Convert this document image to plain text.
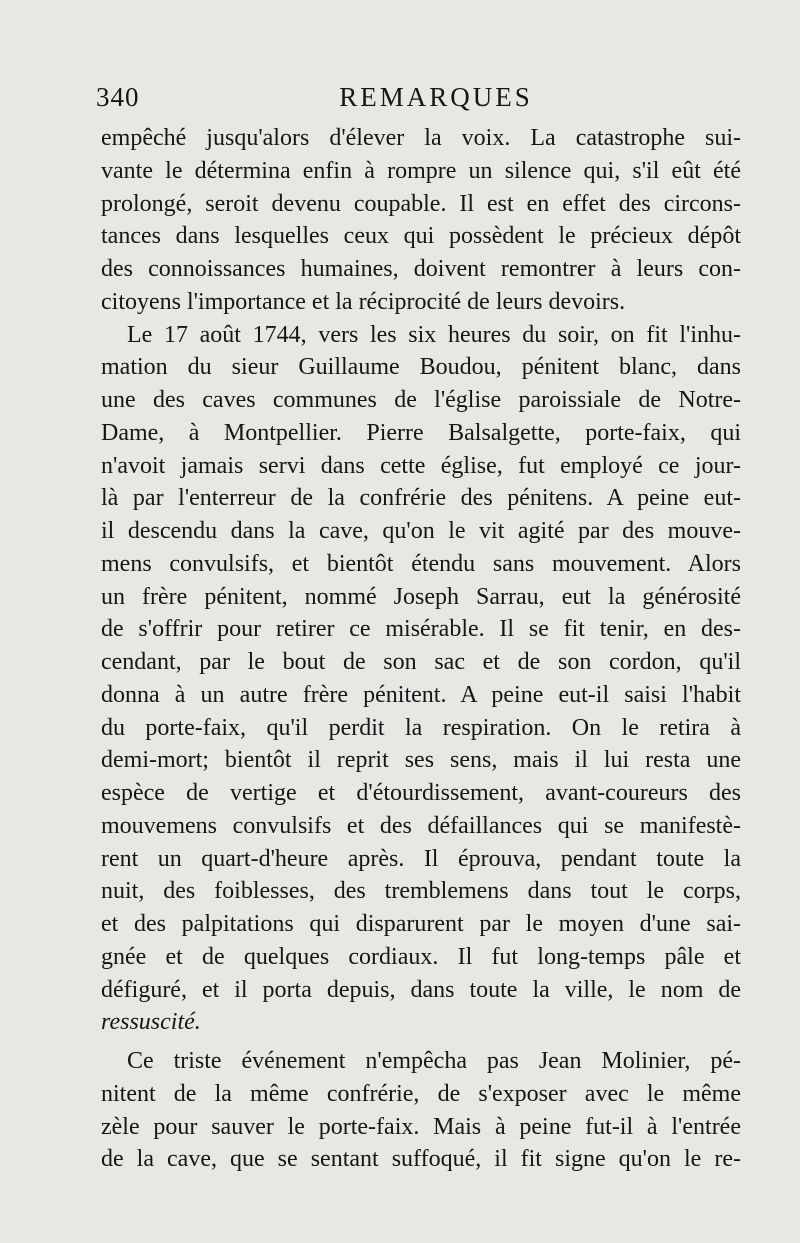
340	REMARQUES
empêché jusqu'alors d'élever la voix. La catastrophe sui-
vante le détermina enfin à rompre un silence qui, s'il eût été
prolongé, seroit devenu coupable. Il est en effet des circons-
tances dans lesquelles ceux qui possèdent le précieux dépôt
des connoissances humaines, doivent remontrer à leurs con-
citoyens l'importance et la réciprocité de leurs devoirs.
Le 17 août 1744, vers les six heures du soir, on fit l'inhu-
mation du sieur Guillaume Boudou, pénitent blanc, dans
une des caves communes de l'église paroissiale de Notre-
Dame, à Montpellier. Pierre Balsalgette, porte-faix, qui
n'avoit jamais servi dans cette église, fut employé ce jour-
là par l'enterreur de la confrérie des pénitens. A peine eut-
il descendu dans la cave, qu'on le vit agité par des mouve-
mens convulsifs, et bientôt étendu sans mouvement. Alors
un frère pénitent, nommé Joseph Sarrau, eut la générosité
de s'offrir pour retirer ce misérable. Il se fit tenir, en des-
cendant, par le bout de son sac et de son cordon, qu'il
donna à un autre frère pénitent. A peine eut-il saisi l'habit
du porte-faix, qu'il perdit la respiration. On le retira à
demi-mort; bientôt il reprit ses sens, mais il lui resta une
espèce de vertige et d'étourdissement, avant-coureurs des
mouvemens convulsifs et des défaillances qui se manifestè-
rent un quart-d'heure après. Il éprouva, pendant toute la
nuit, des foiblesses, des tremblemens dans tout le corps,
et des palpitations qui disparurent par le moyen d'une sai-
gnée et de quelques cordiaux. Il fut long-temps pâle et
défiguré, et il porta depuis, dans toute la ville, le nom de
ressuscité.
Ce triste événement n'empêcha pas Jean Molinier, pé-
nitent de la même confrérie, de s'exposer avec le même
zèle pour sauver le porte-faix. Mais à peine fut-il à l'entrée
de la cave, que se sentant suffoqué, il fit signe qu'on le re-
